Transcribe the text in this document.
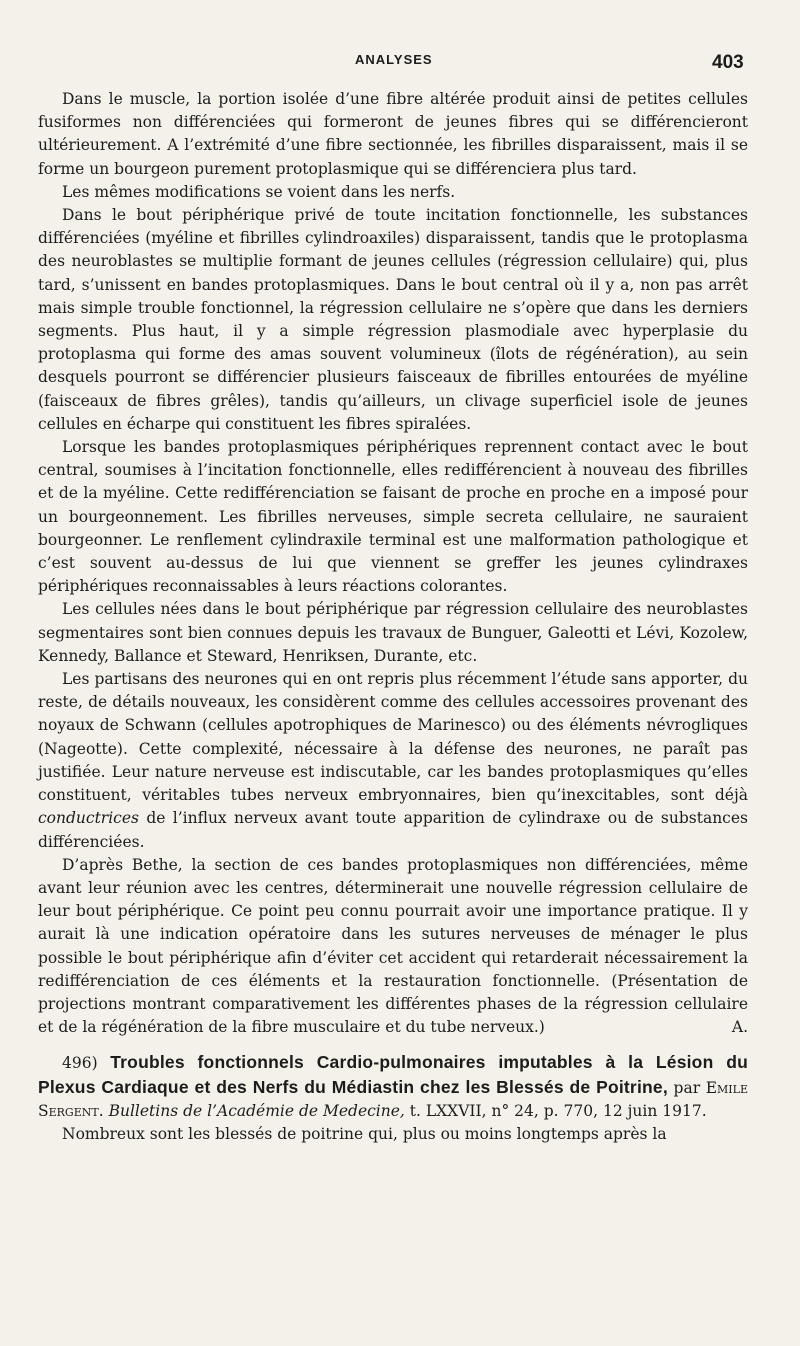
ANALYSES	403

Dans le muscle, la portion isolée d’une fibre altérée produit ainsi de petites cellules fusiformes non différenciées qui formeront de jeunes fibres qui se différencieront ultérieurement. A l’extrémité d’une fibre sectionnée, les fibrilles disparaissent, mais il se forme un bourgeon purement protoplasmique qui se différenciera plus tard.

Les mêmes modifications se voient dans les nerfs.

Dans le bout périphérique privé de toute incitation fonctionnelle, les substances différenciées (myéline et fibrilles cylindroaxiles) disparaissent, tandis que le protoplasma des neuroblastes se multiplie formant de jeunes cellules (régression cellulaire) qui, plus tard, s’unissent en bandes protoplasmiques. Dans le bout central où il y a, non pas arrêt mais simple trouble fonctionnel, la régression cellulaire ne s’opère que dans les derniers segments. Plus haut, il y a simple régression plasmodiale avec hyperplasie du protoplasma qui forme des amas souvent volumineux (îlots de régénération), au sein desquels pourront se différencier plusieurs faisceaux de fibrilles entourées de myéline (faisceaux de fibres grêles), tandis qu’ailleurs, un clivage superficiel isole de jeunes cellules en écharpe qui constituent les fibres spiralées.

Lorsque les bandes protoplasmiques périphériques reprennent contact avec le bout central, soumises à l’incitation fonctionnelle, elles redifférencient à nouveau des fibrilles et de la myéline. Cette redifférenciation se faisant de proche en proche en a imposé pour un bourgeonnement. Les fibrilles nerveuses, simple secreta cellulaire, ne sauraient bourgeonner. Le renflement cylindraxile terminal est une malformation pathologique et c’est souvent au-dessus de lui que viennent se greffer les jeunes cylindraxes périphériques reconnaissables à leurs réactions colorantes.

Les cellules nées dans le bout périphérique par régression cellulaire des neuroblastes segmentaires sont bien connues depuis les travaux de Bunguer, Galeotti et Lévi, Kozolew, Kennedy, Ballance et Steward, Henriksen, Durante, etc.

Les partisans des neurones qui en ont repris plus récemment l’étude sans apporter, du reste, de détails nouveaux, les considèrent comme des cellules accessoires provenant des noyaux de Schwann (cellules apotrophiques de Marinesco) ou des éléments névrogliques (Nageotte). Cette complexité, nécessaire à la défense des neurones, ne paraît pas justifiée. Leur nature nerveuse est indiscutable, car les bandes protoplasmiques qu’elles constituent, véritables tubes nerveux embryonnaires, bien qu’inexcitables, sont déjà conductrices de l’influx nerveux avant toute apparition de cylindraxe ou de substances différenciées.

D’après Bethe, la section de ces bandes protoplasmiques non différenciées, même avant leur réunion avec les centres, déterminerait une nouvelle régression cellulaire de leur bout périphérique. Ce point peu connu pourrait avoir une importance pratique. Il y aurait là une indication opératoire dans les sutures nerveuses de ménager le plus possible le bout périphérique afin d’éviter cet accident qui retarderait nécessairement la redifférenciation de ces éléments et la restauration fonctionnelle. (Présentation de projections montrant comparativement les différentes phases de la régression cellulaire et de la régénération de la fibre musculaire et du tube nerveux.)	A.

496) Troubles fonctionnels Cardio-pulmonaires imputables à la Lésion du Plexus Cardiaque et des Nerfs du Médiastin chez les Blessés de Poitrine, par Emile Sergent. Bulletins de l’Académie de Medecine, t. LXXVII, n° 24, p. 770, 12 juin 1917.

Nombreux sont les blessés de poitrine qui, plus ou moins longtemps après la
